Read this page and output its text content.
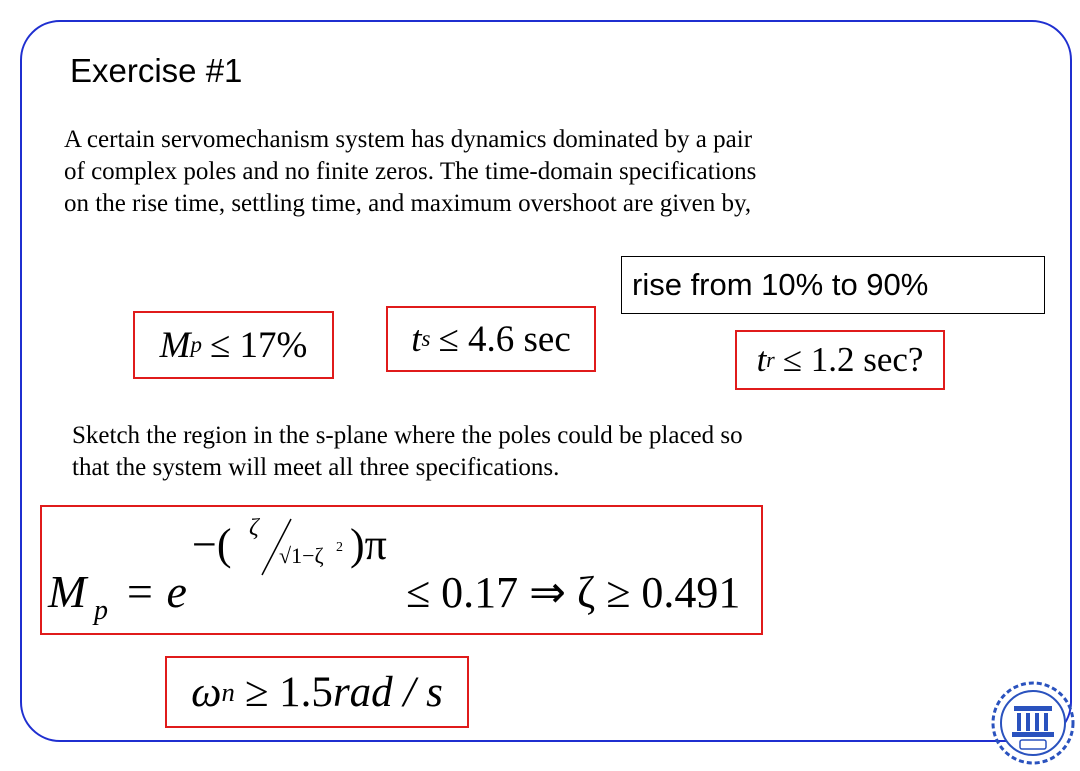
Exercise #1
A certain servomechanism system has dynamics dominated by a pair
of complex poles and no finite zeros. The time-domain specifications
on the rise time, settling time, and maximum overshoot are given by,
rise from 10% to 90%
M p ≤ 17%	t s ≤ 4.6 sec	t r ≤ 1.2 sec?
Sketch the region in the s-plane where the poles could be placed so
that the system will meet all three specifications.
M p = e
−( ζ
√1−ζ 2 )π
≤ 0.17 ⇒ ζ ≥ 0.491
ω n ≥ 1.5 rad / s
